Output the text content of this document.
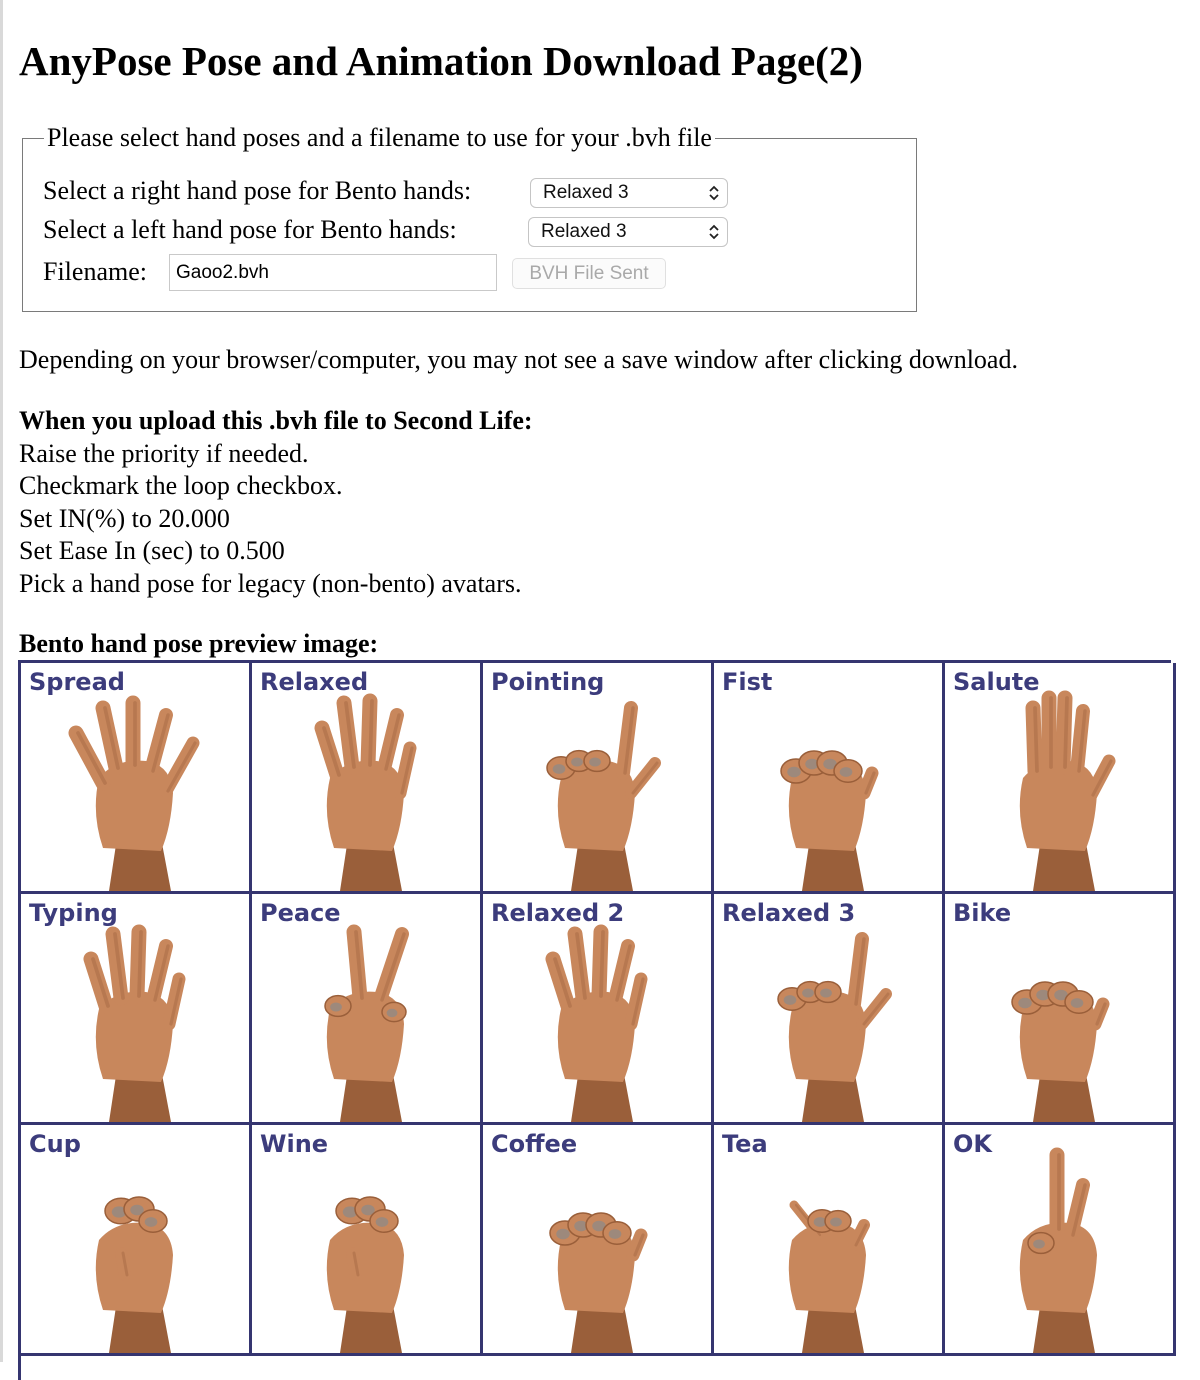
AnyPose Pose and Animation Download Page(2)
Please select hand poses and a filename to use for your .bvh file
Select a right hand pose for Bento hands:	Relaxed 3
Select a left hand pose for Bento hands:	Relaxed 3
Filename:	Gaoo2.bvh	BVH File Sent
Depending on your browser/computer, you may not see a save window after clicking download.
When you upload this .bvh file to Second Life:
Raise the priority if needed.
Checkmark the loop checkbox.
Set IN(%) to 20.000
Set Ease In (sec) to 0.500
Pick a hand pose for legacy (non-bento) avatars.
Bento hand pose preview image:
Spread	Relaxed	Pointing	Fist	Salute
Typing	Peace	Relaxed 2	Relaxed 3	Bike
Cup	Wine	Coffee	Tea	OK
